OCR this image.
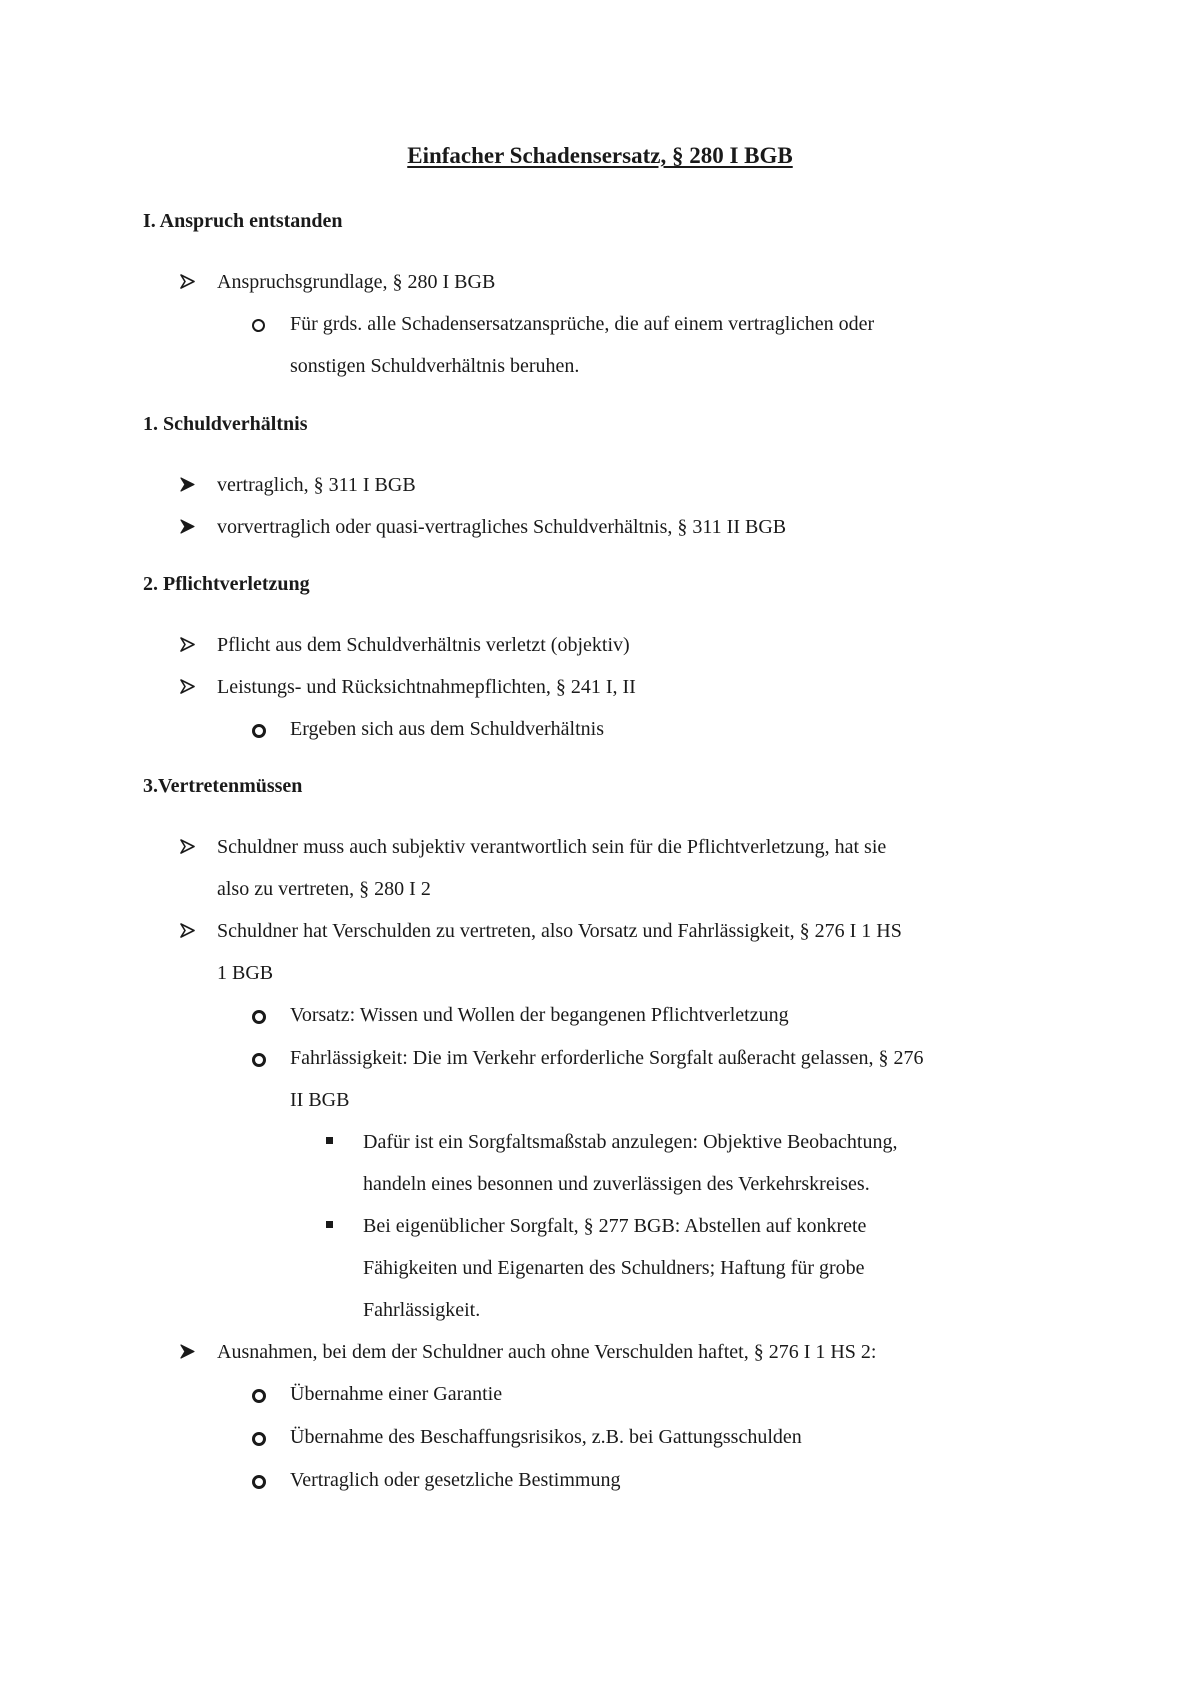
Einfacher Schadensersatz, § 280 I BGB
I. Anspruch entstanden
Anspruchsgrundlage, § 280 I BGB
Für grds. alle Schadensersatzansprüche, die auf einem vertraglichen oder
sonstigen Schuldverhältnis beruhen.
1. Schuldverhältnis
vertraglich, § 311 I BGB
vorvertraglich oder quasi-vertragliches Schuldverhältnis, § 311 II BGB
2. Pflichtverletzung
Pflicht aus dem Schuldverhältnis verletzt (objektiv)
Leistungs- und Rücksichtnahmepflichten, § 241 I, II
Ergeben sich aus dem Schuldverhältnis
3.Vertretenmüssen
Schuldner muss auch subjektiv verantwortlich sein für die Pflichtverletzung, hat sie
also zu vertreten, § 280 I 2
Schuldner hat Verschulden zu vertreten, also Vorsatz und Fahrlässigkeit, § 276 I 1 HS
1 BGB
Vorsatz: Wissen und Wollen der begangenen Pflichtverletzung
Fahrlässigkeit: Die im Verkehr erforderliche Sorgfalt außeracht gelassen, § 276
II BGB
Dafür ist ein Sorgfaltsmaßstab anzulegen: Objektive Beobachtung,
handeln eines besonnen und zuverlässigen des Verkehrskreises.
Bei eigenüblicher Sorgfalt, § 277 BGB: Abstellen auf konkrete
Fähigkeiten und Eigenarten des Schuldners; Haftung für grobe
Fahrlässigkeit.
Ausnahmen, bei dem der Schuldner auch ohne Verschulden haftet, § 276 I 1 HS 2:
Übernahme einer Garantie
Übernahme des Beschaffungsrisikos, z.B. bei Gattungsschulden
Vertraglich oder gesetzliche Bestimmung
